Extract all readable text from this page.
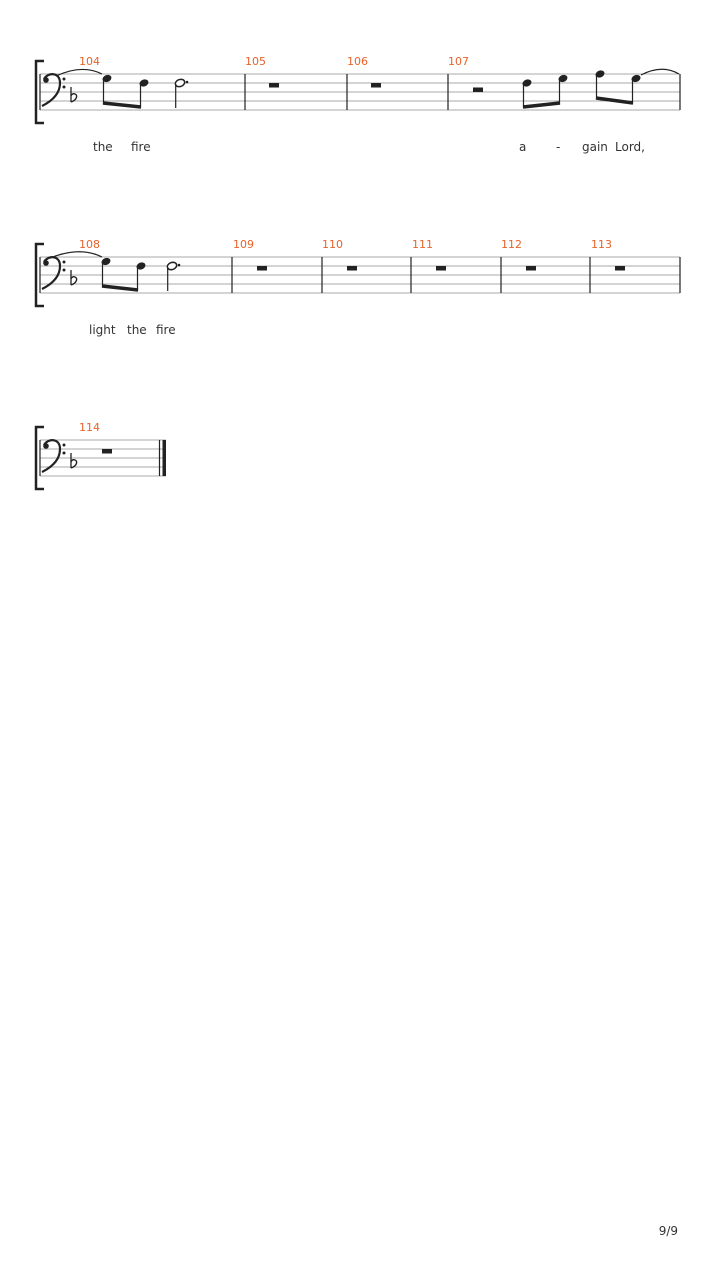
104	105	106	107
the fire	a - gain Lord,
108	109	110	111	112	113
light the fire
114
9/9
